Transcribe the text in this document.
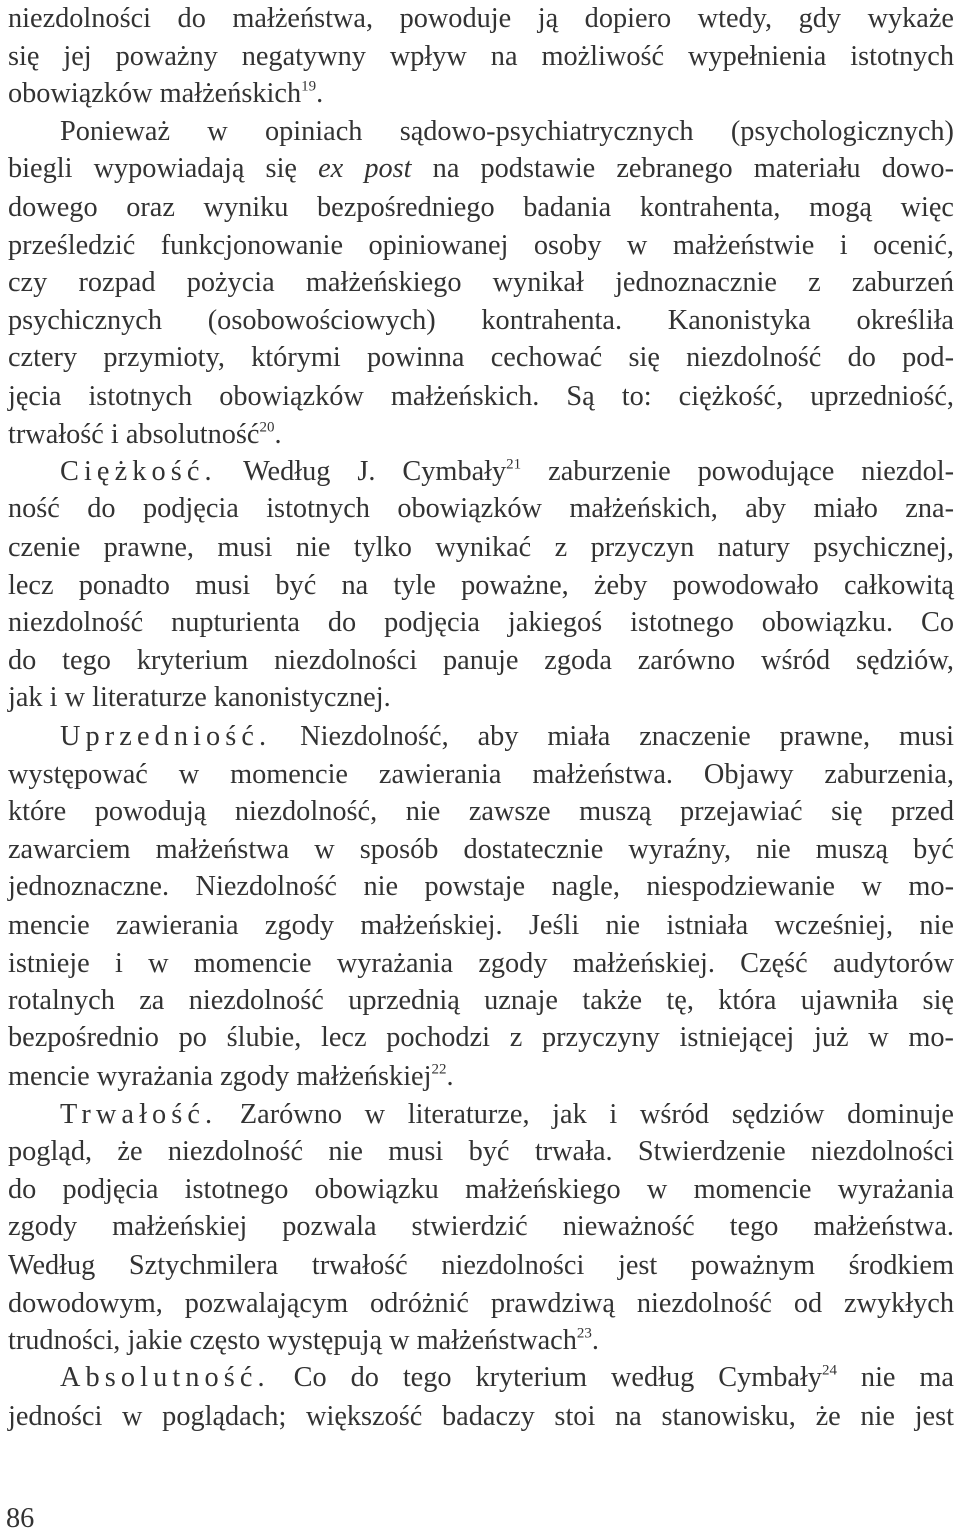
niezdolności do małżeństwa, powoduje ją dopiero wtedy, gdy wykaże
się jej poważny negatywny wpływ na możliwość wypełnienia istotnych
obowiązków małżeńskich$^{19}$.
Ponieważ w opiniach sądowo-psychiatrycznych (psychologicznych)
biegli wypowiadają się ex post na podstawie zebranego materiału dowo-
dowego oraz wyniku bezpośredniego badania kontrahenta, mogą więc
prześledzić funkcjonowanie opiniowanej osoby w małżeństwie i ocenić,
czy rozpad pożycia małżeńskiego wynikał jednoznacznie z zaburzeń
psychicznych (osobowościowych) kontrahenta. Kanonistyka określiła
cztery przymioty, którymi powinna cechować się niezdolność do pod-
jęcia istotnych obowiązków małżeńskich. Są to: ciężkość, uprzedniość,
trwałość i absolutność$^{20}$.
Ciężkość. Według J. Cymbały$^{21}$ zaburzenie powodujące niezdol-
ność do podjęcia istotnych obowiązków małżeńskich, aby miało zna-
czenie prawne, musi nie tylko wynikać z przyczyn natury psychicznej,
lecz ponadto musi być na tyle poważne, żeby powodowało całkowitą
niezdolność nupturienta do podjęcia jakiegoś istotnego obowiązku. Co
do tego kryterium niezdolności panuje zgoda zarówno wśród sędziów,
jak i w literaturze kanonistycznej.
Uprzedniość. Niezdolność, aby miała znaczenie prawne, musi
występować w momencie zawierania małżeństwa. Objawy zaburzenia,
które powodują niezdolność, nie zawsze muszą przejawiać się przed
zawarciem małżeństwa w sposób dostatecznie wyraźny, nie muszą być
jednoznaczne. Niezdolność nie powstaje nagle, niespodziewanie w mo-
mencie zawierania zgody małżeńskiej. Jeśli nie istniała wcześniej, nie
istnieje i w momencie wyrażania zgody małżeńskiej. Część audytorów
rotalnych za niezdolność uprzednią uznaje także tę, która ujawniła się
bezpośrednio po ślubie, lecz pochodzi z przyczyny istniejącej już w mo-
mencie wyrażania zgody małżeńskiej$^{22}$.
Trwałość. Zarówno w literaturze, jak i wśród sędziów dominuje
pogląd, że niezdolność nie musi być trwała. Stwierdzenie niezdolności
do podjęcia istotnego obowiązku małżeńskiego w momencie wyrażania
zgody małżeńskiej pozwala stwierdzić nieważność tego małżeństwa.
Według Sztychmilera trwałość niezdolności jest poważnym środkiem
dowodowym, pozwalającym odróżnić prawdziwą niezdolność od zwykłych
trudności, jakie często występują w małżeństwach$^{23}$.
Absolutność. Co do tego kryterium według Cymbały$^{24}$ nie ma
jedności w poglądach; większość badaczy stoi na stanowisku, że nie jest
86
